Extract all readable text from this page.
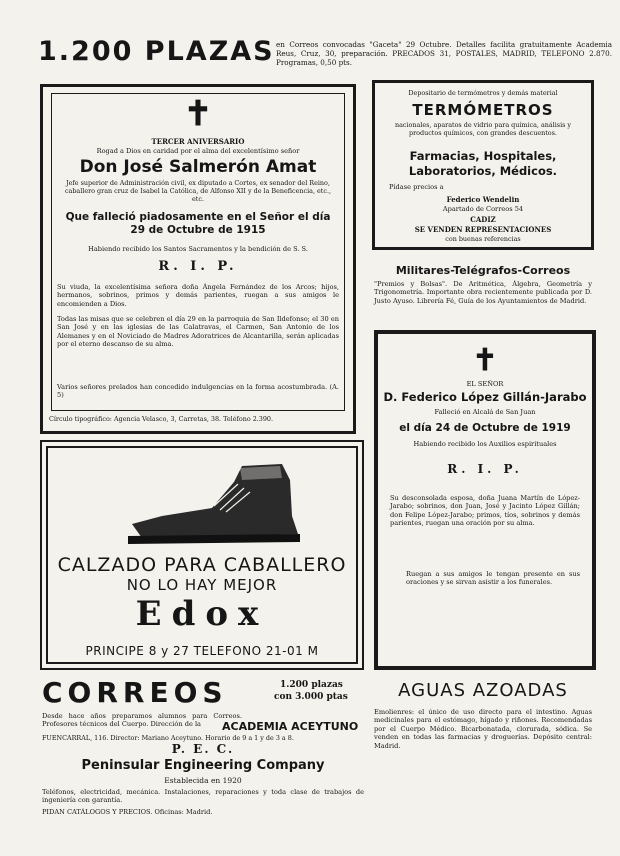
1.200 PLAZAS en Correos convocadas "Gaceta" 29 Octubre. Detalles facilita gratuitamente Academia Reus, Cruz, 30, preparación. PRECADOS 31, POSTALES, MADRID, TELEFONO 2.870. Programas, 0,50 pts.
✝
TERCER ANIVERSARIO
Rogad a Dios en caridad por el alma del excelentísimo señor
Don José Salmerón Amat
Jefe superior de Administración civil, ex diputado a Cortes, ex senador del Reino, caballero gran cruz de Isabel la Católica, de Alfonso XII y de la Beneficencia, etc., etc.
Que falleció piadosamente en el Señor el día 29 de Octubre de 1915
Habiendo recibido los Santos Sacramentos y la bendición de S. S.
R. I. P.
Su viuda, la excelentísima señora doña Ángela Fernández de los Arcos; hijos, hermanos, sobrinos, primos y demás parientes, ruegan a sus amigos le encomienden a Dios.
Todas las misas que se celebren el día 29 en la parroquia de San Ildefonso; el 30 en San José y en las iglesias de las Calatravas, el Carmen, San Antonio de los Alemanes y en el Noviciado de Madres Adoratrices de Alcantarilla, serán aplicadas por el eterno descanso de su alma.
Varios señores prelados han concedido indulgencias en la forma acostumbrada. (A. 5)
Círculo tipográfico: Agencia Velasco, 3, Carretas, 38. Teléfono 2.390.
CALZADO PARA CABALLERO
NO LO HAY MEJOR
Edox
PRINCIPE 8 y 27 TELEFONO 21-01 M
CORREOS	1.200 plazas
con 3.000 ptas
Desde hace años preparamos alumnos para Correos. Profesores técnicos del Cuerpo. Dirección de la	ACADEMIA ACEYTUNO
FUENCARRAL, 116. Director: Mariano Aceytuno. Horario de 9 a 1 y de 3 a 8.
P. E. C.
Peninsular Engineering Company
Establecida en 1920
Teléfonos, electricidad, mecánica. Instalaciones, reparaciones y toda clase de trabajos de ingeniería con garantía.
PIDAN CATÁLOGOS Y PRECIOS. Oficinas: Madrid.
Depositario de termómetros y demás material
TERMÓMETROS
nacionales, aparatos de vidrio para química, análisis y productos químicos, con grandes descuentos.
Farmacias, Hospitales, Laboratorios, Médicos.
Pídase precios a
Federico Wendelin
Apartado de Correos 54
CADIZ
SE VENDEN REPRESENTACIONES
con buenas referencias
Militares-Telégrafos-Correos
"Premios y Bolsas". De Aritmética, Álgebra, Geometría y Trigonometría. Importante obra recientemente publicada por D. Justo Ayuso. Librería Fé, Guía de los Ayuntamientos de Madrid.
✝
EL SEÑOR
D. Federico López Gillán-Jarabo
Falleció en Alcalá de San Juan
el día 24 de Octubre de 1919
Habiendo recibido los Auxilios espirituales
R. I. P.
Su desconsolada esposa, doña Juana Martín de López-Jarabo; sobrinos, don Juan, José y Jacinto López Gillán; don Felipe López-Jarabo; primos, tíos, sobrinos y demás parientes, ruegan una oración por su alma.
Ruegan a sus amigos le tengan presente en sus oraciones y se sirvan asistir a los funerales.
AGUAS AZOADAS
Emolienres: el único de uso directo para el intestino. Aguas medicinales para el estómago, hígado y riñones. Recomendadas por el Cuerpo Médico. Bicarbonatada, clorurada, sódica. Se venden en todas las farmacias y droguerías. Depósito central: Madrid.
